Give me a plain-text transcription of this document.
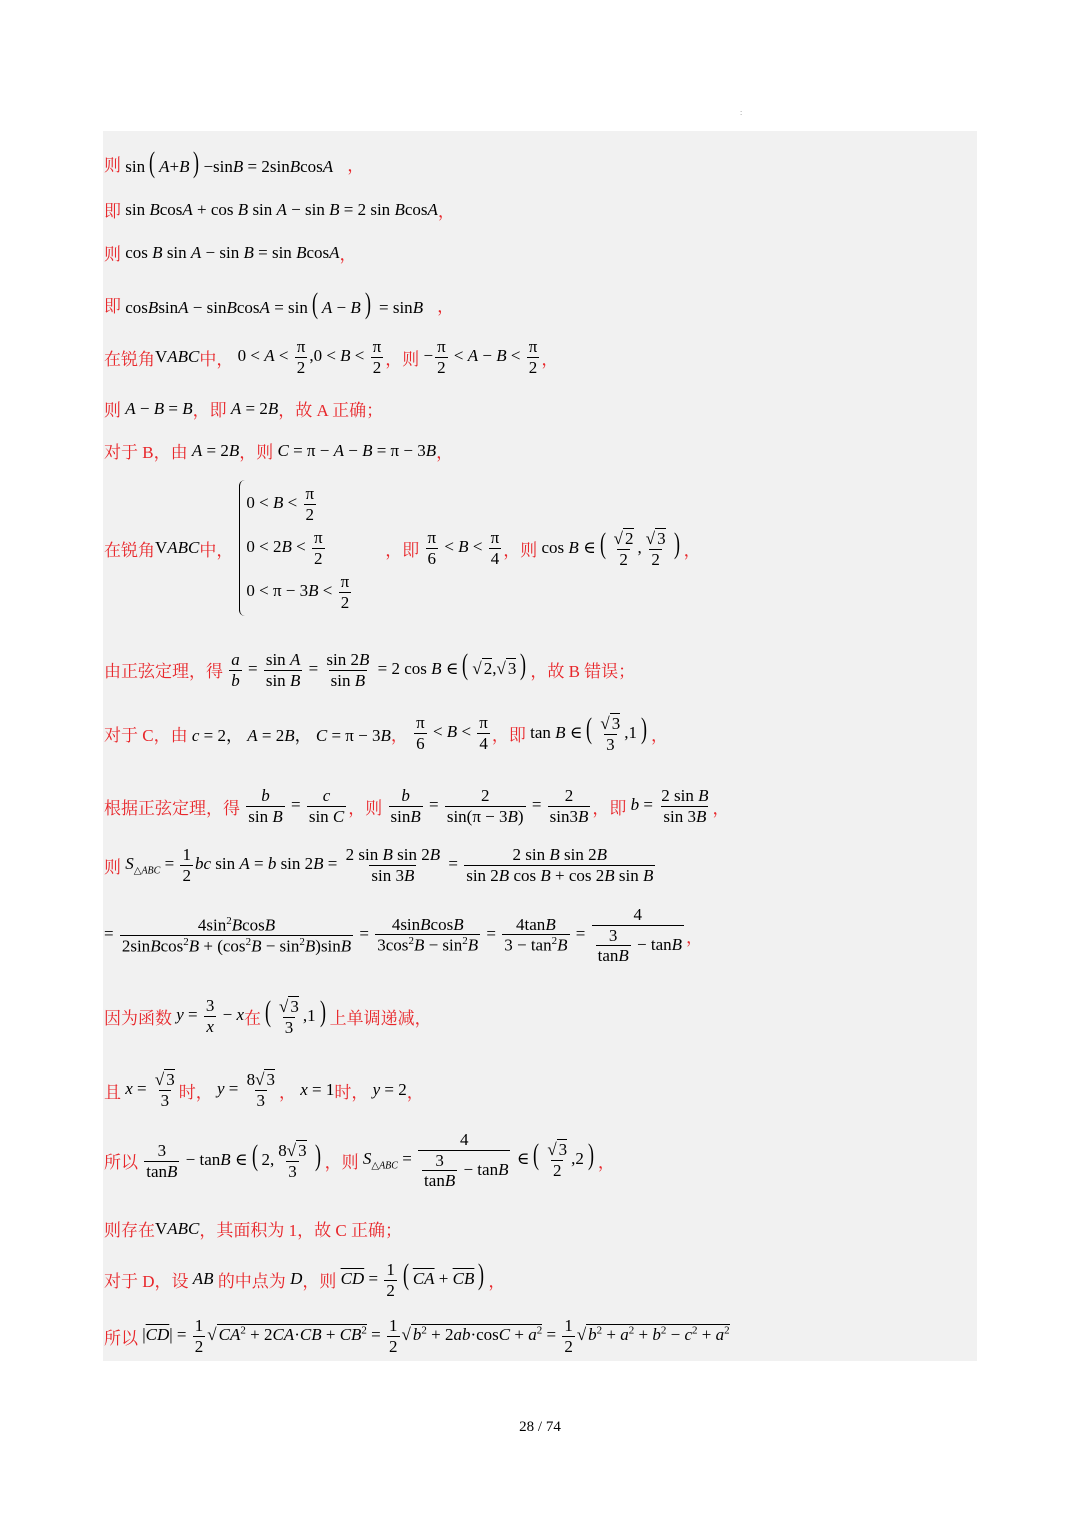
:
则 sin ( A+B ) −sinB = 2sinBcosA ，
即 sin BcosA + cos B sin A − sin B = 2 sin BcosA ，
则 cos B sin A − sin B = sin BcosA ，
即 cosBsinA − sinBcosA = sin ( A − B ) = sinB ，
在锐角 VABC 中， $0 < A < \frac{\pi}{2} ,0 < B < \frac{\pi}{2}$ ，则 − $\frac{\pi}{2} < A - B < \frac{\pi}{2}$ ，
则 A − B = B ，即 A = 2B ，故 A 正确；
对于 B，由 A = 2B ，则 C = π − A − B = π − 3B ，
在锐角 VABC 中，
$0 < B < \frac{\pi}{2}$
$0 < 2B < \frac{\pi}{2}$
$0 < \pi - 3B < \frac{\pi}{2}$
，即
$\frac{\pi}{6} < B < \frac{\pi}{4}$ ，则 cos B ∈ ( $\frac{√ 2}{2}$ , $\frac{√ 3}{2}$ ) ，
由正弦定理，得
$\frac{a}{b} = \frac{\text{sin A}}{\text{sin B}} = \frac{\sin 2B}{\text{sin B}} = 2$ cos B ∈ ( √ 2,√ 3 ) ，故 B 错误；
对于 C，由 c = 2， A = 2B， C = π − 3B ，
$\frac{\pi}{6} < B < \frac{\pi}{4}$ ，即 tan B ∈ ( $\frac{√ 3}{3} ,1$ ) ，
根据正弦定理，得
$\frac{b}{\text{sin B}} = \frac{c}{\text{sin C}}$ ，则
$\frac{b}{\sin B} = \frac{2}{\sin(\pi - 3B)} = \frac{2}{\sin 3B}$ ，即 $b = \frac{\text{2 sin B}}{\sin 3B}$ ，
则 $S_{\triangle ABC} = \frac{1}{2}$ bc sin A = b $\sin 2B = \frac{\text{2 sin B sin 2B}}{\sin 3B} = \frac{\text{2 sin B sin 2B}}{\text{sin 2B cos B + cos 2B sin B}}$
= $\frac{4\sin^2BcosB}{2sinBcos^2B + (\cos^2B - \sin^2B)\sin B} = \frac{\text{4sinBcosB}}{3\cos^2B - \sin^2B} = \frac{4\tan B}{3 - \tan^2B} = \frac{4}{\frac{3}{\tan B} - \tan B}$ ，
因为函数 $y = \frac{3}{x} - x$ 在 ( $\frac{√ 3}{3} ,1$ ) 上单调递减，
且 $x = \frac{√ 3}{3}$ 时， $y = \frac{8√ 3}{3}$ ， x = 1 时， y = 2 ，
所以
$\frac{3}{\tan B} - \tan B$ ∈ ( 2, $\frac{8√ 3}{3}$ ) ，则 $S_{\triangle ABC} = \frac{4}{\frac{3}{\tan B} - \tan B}$ ∈ ( $\frac{√ 3}{2} ,2$ ) ，
则存在 VABC ，其面积为 1，故 C 正确；
对于 D，设 AB 的中点为 D ，则 $\overline{CD} = \frac{1}{2}$ ( $\overline{CA} + \overline{CB}$ ) ，
所以 $|\overline{CD}| = \frac{1}{2}$ √ $CA^2 + 2\overline{CA}\cdot\overline{CB} + \overline{CB}^2 = \frac{1}{2}$ √ $b^2 + 2ab\cdot\cos C + a^2 = \frac{1}{2}$ √ $b^2 + a^2 + b^2 - c^2 + a^2$
28 / 74
